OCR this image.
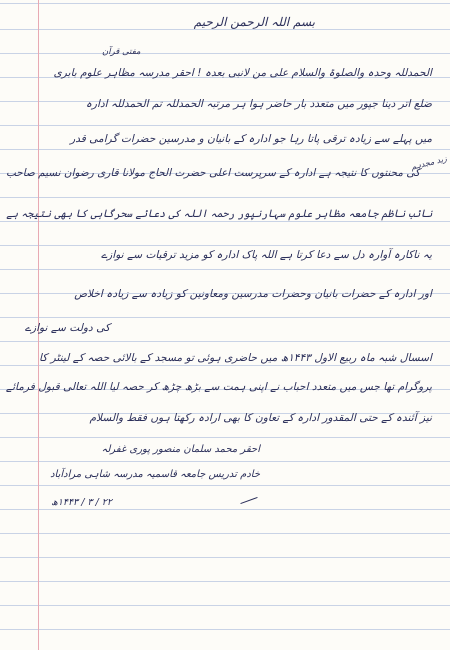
بسم اللہ الرحمن الرحیم
مفتی قرآن
الحمدللہ وحدہ والصلوۃ والسلام علی من لانبی بعدہ ! احقر مدرسہ مظاہر علوم بابری
ضلع اتر دینا جپور میں متعدد بار حاضر ہوا ہر مرتبہ الحمدللہ تم الحمدللہ ادارہ
میں پہلے سے زیادہ ترقی پاتا رہا جو ادارہ کے بانیان و مدرسین حضرات گرامی قدر
کی محنتوں کا نتیجہ ہے ادارہ کے سرپرست اعلی حضرت الحاج مولانا قاری رضوان نسیم صاحب
زید مجدہم
نائب ناظم جامعہ مظاہر علوم سہارنپور رحمہ اللہ کی دعائے سحرگاہی کا بھی نتیجہ ہے
یہ ناکارہ آوارہ دل سے دعا کرتا ہے اللہ پاک ادارہ کو مزید ترقیات سے نوازے
اور ادارہ کے حضرات بانیان وحضرات مدرسین ومعاونین کو زیادہ سے زیادہ اخلاص
کی دولت سے نوازے
اسسال شبہ ماہ ربیع الاول ۱۴۴۳ھ میں حاضری ہوئی تو مسجد کے بالائی حصہ کے لینٹر کا
پروگرام تھا جس میں متعدد احباب نے اپنی ہمت سے بڑھ چڑھ کر حصہ لیا اللہ تعالی قبول فرمائے
نیز آئندہ کے حتی المقدور ادارہ کے تعاون کا بھی ارادہ رکھتا ہوں فقط والسلام
احقر محمد سلمان منصور پوری غفرلہ
خادم تدریس جامعہ قاسمیہ مدرسہ شاہی مرادآباد
۲۲ / ۳ / ۱۴۴۳ھ
